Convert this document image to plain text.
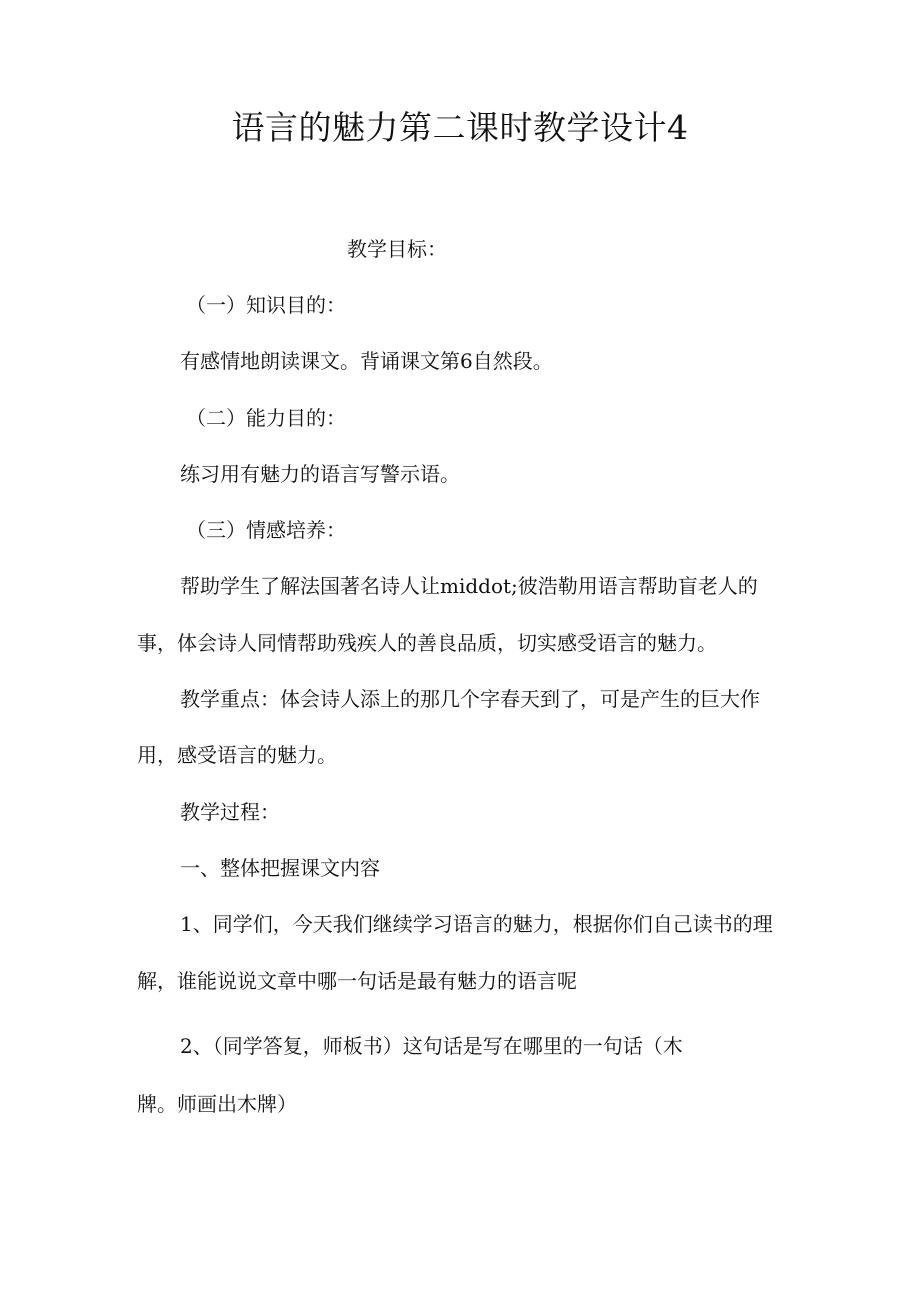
语言的魅力第二课时教学设计4
教学目标：
（一）知识目的：
有感情地朗读课文。背诵课文第6自然段。
（二）能力目的：
练习用有魅力的语言写警示语。
（三）情感培养：
帮助学生了解法国著名诗人让middot;彼浩勒用语言帮助盲老人的
事，体会诗人同情帮助残疾人的善良品质，切实感受语言的魅力。
教学重点：体会诗人添上的那几个字春天到了，可是产生的巨大作
用，感受语言的魅力。
教学过程：
一、整体把握课文内容
1、同学们，今天我们继续学习语言的魅力，根据你们自己读书的理
解，谁能说说文章中哪一句话是最有魅力的语言呢
2、（同学答复，师板书）这句话是写在哪里的一句话（木
牌。师画出木牌）
